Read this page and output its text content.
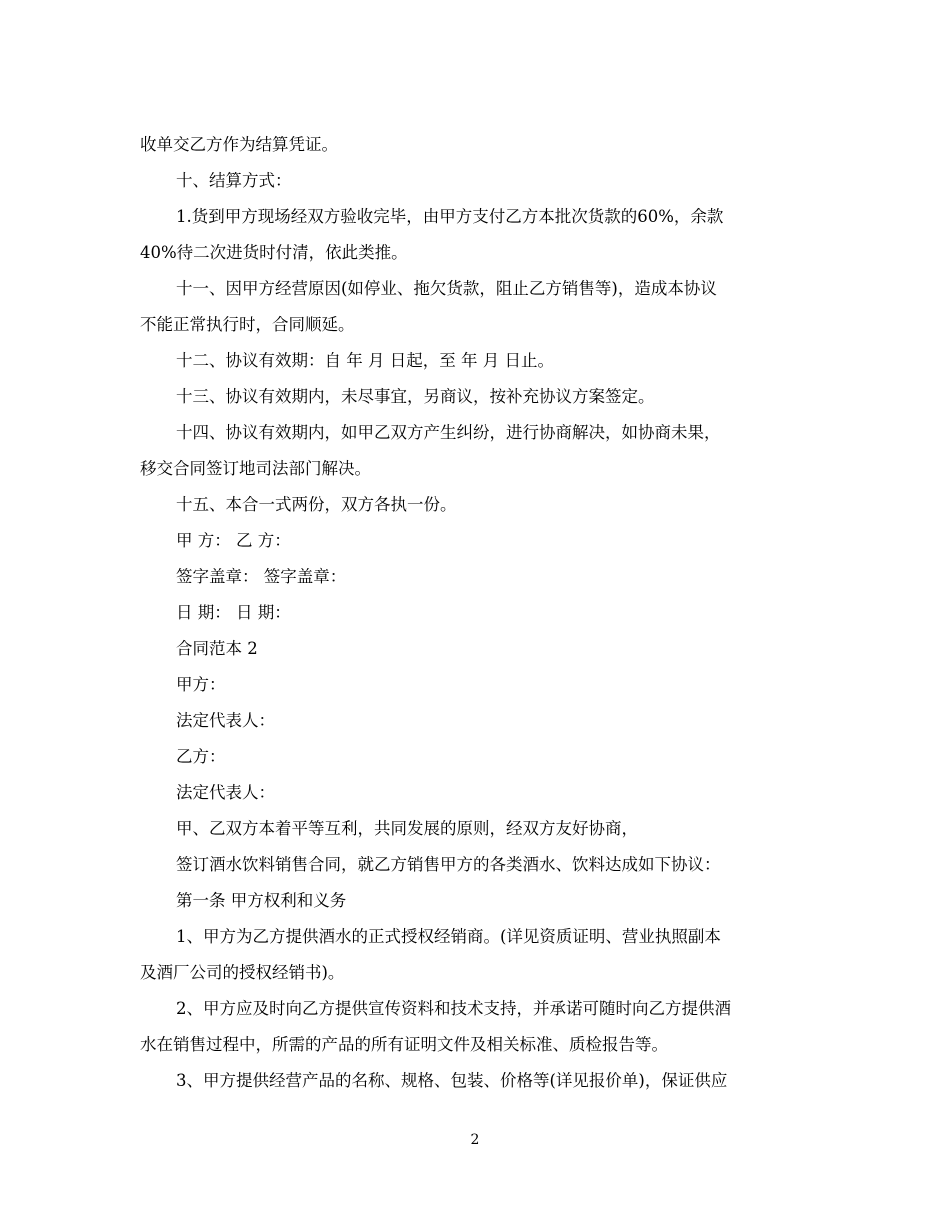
收单交乙方作为结算凭证。

十、结算方式：

1.货到甲方现场经双方验收完毕，由甲方支付乙方本批次货款的60%，余款

40%待二次进货时付清，依此类推。

十一、因甲方经营原因(如停业、拖欠货款，阻止乙方销售等)，造成本协议

不能正常执行时，合同顺延。

十二、协议有效期：自 年 月 日起，至 年 月 日止。

十三、协议有效期内，未尽事宜，另商议，按补充协议方案签定。

十四、协议有效期内，如甲乙双方产生纠纷，进行协商解决，如协商未果，

移交合同签订地司法部门解决。

十五、本合一式两份，双方各执一份。

甲 方： 乙 方：

签字盖章： 签字盖章：

日 期： 日 期：

合同范本 2

甲方：

法定代表人：

乙方：

法定代表人：

甲、乙双方本着平等互利，共同发展的原则，经双方友好协商，

签订酒水饮料销售合同，就乙方销售甲方的各类酒水、饮料达成如下协议：

第一条 甲方权利和义务

1、甲方为乙方提供酒水的正式授权经销商。(详见资质证明、营业执照副本

及酒厂公司的授权经销书)。

2、甲方应及时向乙方提供宣传资料和技术支持，并承诺可随时向乙方提供酒

水在销售过程中，所需的产品的所有证明文件及相关标准、质检报告等。

3、甲方提供经营产品的名称、规格、包装、价格等(详见报价单)，保证供应

2
